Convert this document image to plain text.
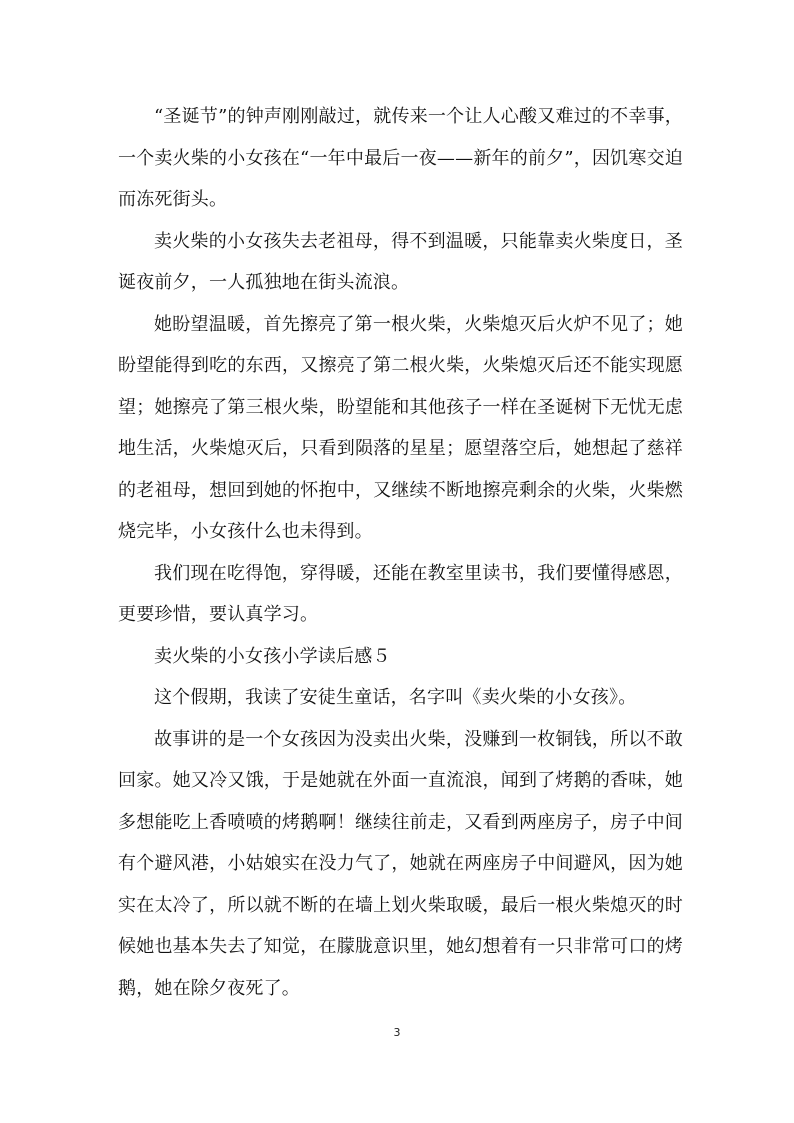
“圣诞节”的钟声刚刚敲过，就传来一个让人心酸又难过的不幸事，一个卖火柴的小女孩在“一年中最后一夜——新年的前夕”，因饥寒交迫而冻死街头。

卖火柴的小女孩失去老祖母，得不到温暖，只能靠卖火柴度日，圣诞夜前夕，一人孤独地在街头流浪。

她盼望温暖，首先擦亮了第一根火柴，火柴熄灭后火炉不见了；她盼望能得到吃的东西，又擦亮了第二根火柴，火柴熄灭后还不能实现愿望；她擦亮了第三根火柴，盼望能和其他孩子一样在圣诞树下无忧无虑地生活，火柴熄灭后，只看到陨落的星星；愿望落空后，她想起了慈祥的老祖母，想回到她的怀抱中，又继续不断地擦亮剩余的火柴，火柴燃烧完毕，小女孩什么也未得到。

我们现在吃得饱，穿得暖，还能在教室里读书，我们要懂得感恩，更要珍惜，要认真学习。

卖火柴的小女孩小学读后感５

这个假期，我读了安徒生童话，名字叫《卖火柴的小女孩》。

故事讲的是一个女孩因为没卖出火柴，没赚到一枚铜钱，所以不敢回家。她又冷又饿，于是她就在外面一直流浪，闻到了烤鹅的香味，她多想能吃上香喷喷的烤鹅啊！继续往前走，又看到两座房子，房子中间有个避风港，小姑娘实在没力气了，她就在两座房子中间避风，因为她实在太冷了，所以就不断的在墙上划火柴取暖，最后一根火柴熄灭的时候她也基本失去了知觉，在朦胧意识里，她幻想着有一只非常可口的烤鹅，她在除夕夜死了。

3
